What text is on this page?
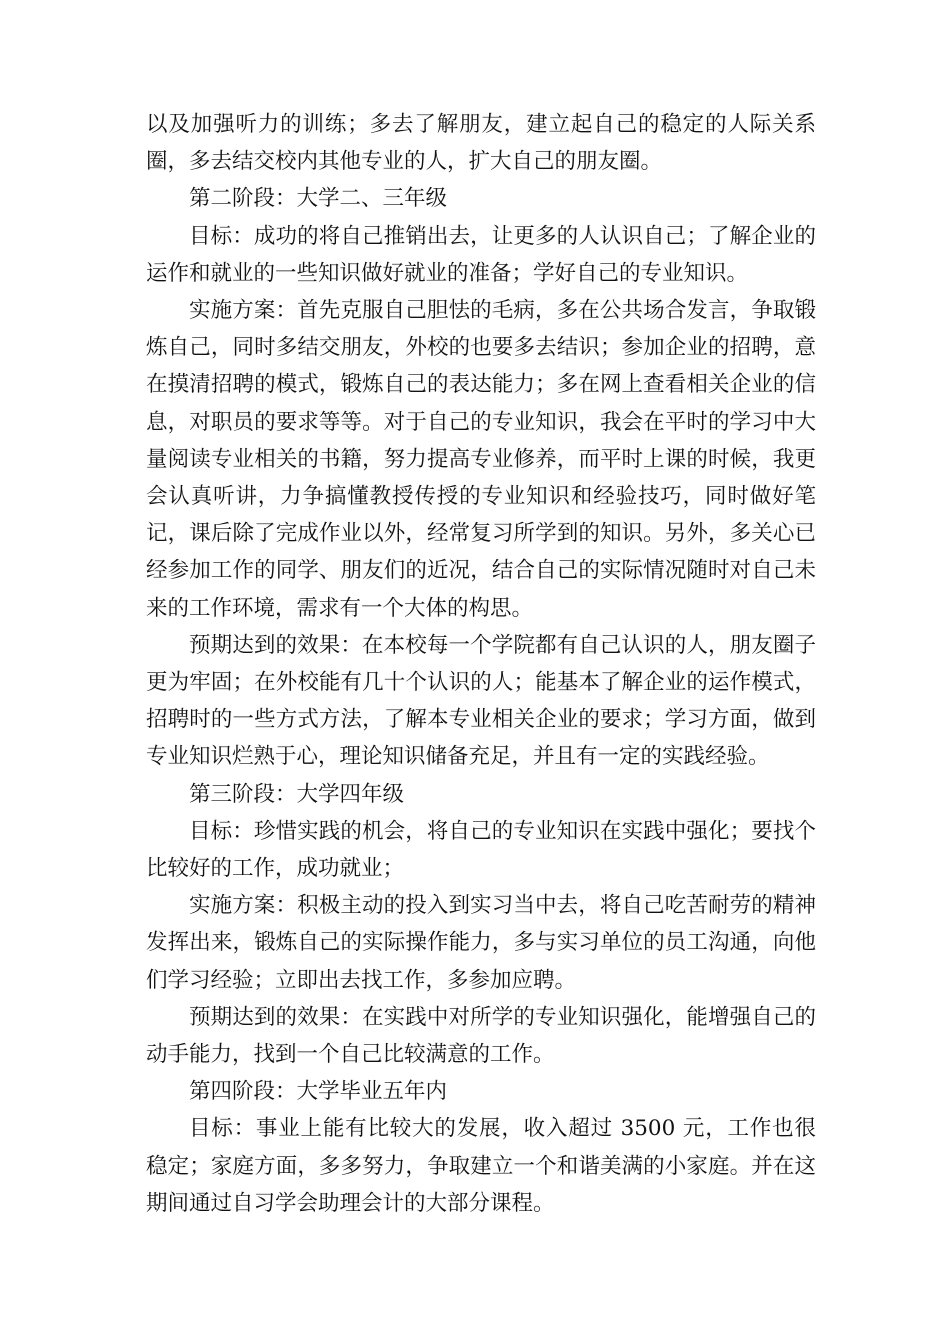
以及加强听力的训练；多去了解朋友，建立起自己的稳定的人际关系圈，多去结交校内其他专业的人，扩大自己的朋友圈。

第二阶段：大学二、三年级

目标：成功的将自己推销出去，让更多的人认识自己；了解企业的运作和就业的一些知识做好就业的准备；学好自己的专业知识。

实施方案：首先克服自己胆怯的毛病，多在公共场合发言，争取锻炼自己，同时多结交朋友，外校的也要多去结识；参加企业的招聘，意在摸清招聘的模式，锻炼自己的表达能力；多在网上查看相关企业的信息，对职员的要求等等。对于自己的专业知识，我会在平时的学习中大量阅读专业相关的书籍，努力提高专业修养，而平时上课的时候，我更会认真听讲，力争搞懂教授传授的专业知识和经验技巧，同时做好笔记，课后除了完成作业以外，经常复习所学到的知识。另外，多关心已经参加工作的同学、朋友们的近况，结合自己的实际情况随时对自己未来的工作环境，需求有一个大体的构思。

预期达到的效果：在本校每一个学院都有自己认识的人，朋友圈子更为牢固；在外校能有几十个认识的人；能基本了解企业的运作模式，招聘时的一些方式方法，了解本专业相关企业的要求；学习方面，做到专业知识烂熟于心，理论知识储备充足，并且有一定的实践经验。

第三阶段：大学四年级

目标：珍惜实践的机会，将自己的专业知识在实践中强化；要找个比较好的工作，成功就业；

实施方案：积极主动的投入到实习当中去，将自己吃苦耐劳的精神发挥出来，锻炼自己的实际操作能力，多与实习单位的员工沟通，向他们学习经验；立即出去找工作，多参加应聘。

预期达到的效果：在实践中对所学的专业知识强化，能增强自己的动手能力，找到一个自己比较满意的工作。

第四阶段：大学毕业五年内

目标：事业上能有比较大的发展，收入超过 3500 元，工作也很稳定；家庭方面，多多努力，争取建立一个和谐美满的小家庭。并在这期间通过自习学会助理会计的大部分课程。
